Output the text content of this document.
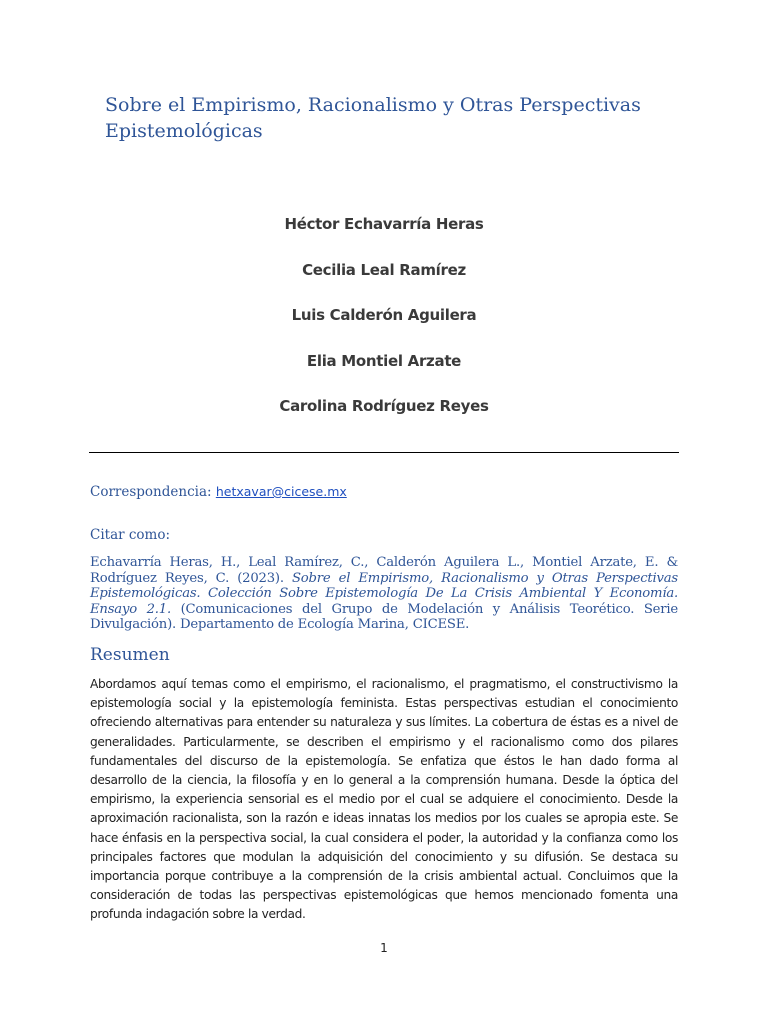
Sobre el Empirismo, Racionalismo y Otras Perspectivas Epistemológicas
Héctor Echavarría Heras
Cecilia Leal Ramírez
Luis Calderón Aguilera
Elia Montiel Arzate
Carolina Rodríguez Reyes
Correspondencia: hetxavar@cicese.mx
Citar como:

Echavarría Heras, H., Leal Ramírez, C., Calderón Aguilera L., Montiel Arzate, E. & Rodríguez Reyes, C. (2023). Sobre el Empirismo, Racionalismo y Otras Perspectivas Epistemológicas. Colección Sobre Epistemología De La Crisis Ambiental Y Economía. Ensayo 2.1. (Comunicaciones del Grupo de Modelación y Análisis Teorético. Serie Divulgación). Departamento de Ecología Marina, CICESE.

Resumen

Abordamos aquí temas como el empirismo, el racionalismo, el pragmatismo, el constructivismo la epistemología social y la epistemología feminista. Estas perspectivas estudian el conocimiento ofreciendo alternativas para entender su naturaleza y sus límites. La cobertura de éstas es a nivel de generalidades. Particularmente, se describen el empirismo y el racionalismo como dos pilares fundamentales del discurso de la epistemología. Se enfatiza que éstos le han dado forma al desarrollo de la ciencia, la filosofía y en lo general a la comprensión humana. Desde la óptica del empirismo, la experiencia sensorial es el medio por el cual se adquiere el conocimiento. Desde la aproximación racionalista, son la razón e ideas innatas los medios por los cuales se apropia este. Se hace énfasis en la perspectiva social, la cual considera el poder, la autoridad y la confianza como los principales factores que modulan la adquisición del conocimiento y su difusión. Se destaca su importancia porque contribuye a la comprensión de la crisis ambiental actual. Concluimos que la consideración de todas las perspectivas epistemológicas que hemos mencionado fomenta una profunda indagación sobre la verdad.

1
